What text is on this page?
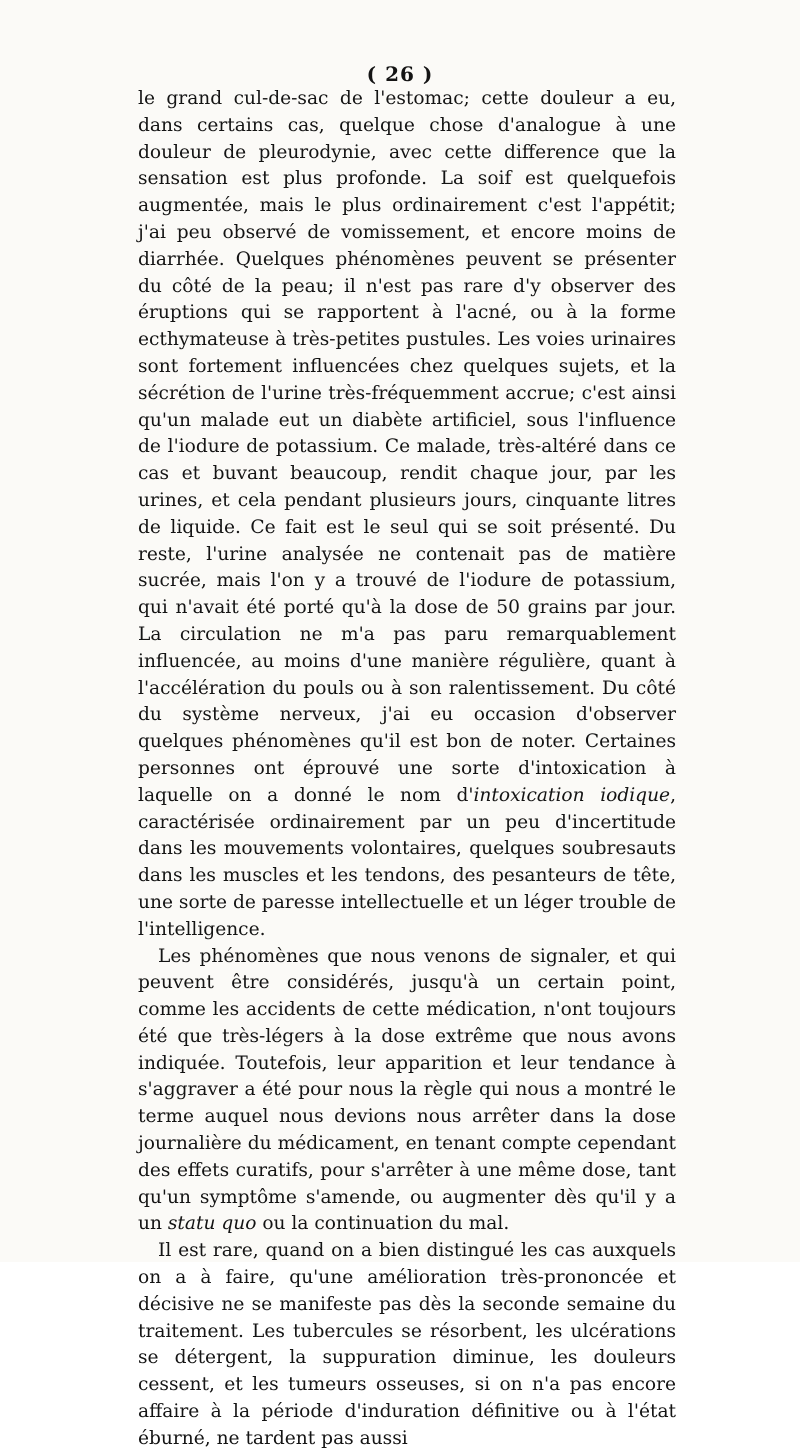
( 26 )

le grand cul-de-sac de l'estomac; cette douleur a eu, dans certains cas, quelque chose d'analogue à une douleur de pleurodynie, avec cette difference que la sensation est plus profonde. La soif est quelquefois augmentée, mais le plus ordinairement c'est l'appétit; j'ai peu observé de vomissement, et encore moins de diarrhée. Quelques phénomènes peuvent se présenter du côté de la peau; il n'est pas rare d'y observer des éruptions qui se rapportent à l'acné, ou à la forme ecthymateuse à très-petites pustules. Les voies urinaires sont fortement influencées chez quelques sujets, et la sécrétion de l'urine très-fréquemment accrue; c'est ainsi qu'un malade eut un diabète artificiel, sous l'influence de l'iodure de potassium. Ce malade, très-altéré dans ce cas et buvant beaucoup, rendit chaque jour, par les urines, et cela pendant plusieurs jours, cinquante litres de liquide. Ce fait est le seul qui se soit présenté. Du reste, l'urine analysée ne contenait pas de matière sucrée, mais l'on y a trouvé de l'iodure de potassium, qui n'avait été porté qu'à la dose de 50 grains par jour. La circulation ne m'a pas paru remarquablement influencée, au moins d'une manière régulière, quant à l'accélération du pouls ou à son ralentissement. Du côté du système nerveux, j'ai eu occasion d'observer quelques phénomènes qu'il est bon de noter. Certaines personnes ont éprouvé une sorte d'intoxication à laquelle on a donné le nom d'intoxication iodique, caractérisée ordinairement par un peu d'incertitude dans les mouvements volontaires, quelques soubresauts dans les muscles et les tendons, des pesanteurs de tête, une sorte de paresse intellectuelle et un léger trouble de l'intelligence.

Les phénomènes que nous venons de signaler, et qui peuvent être considérés, jusqu'à un certain point, comme les accidents de cette médication, n'ont toujours été que très-légers à la dose extrême que nous avons indiquée. Toutefois, leur apparition et leur tendance à s'aggraver a été pour nous la règle qui nous a montré le terme auquel nous devions nous arrêter dans la dose journalière du médicament, en tenant compte cependant des effets curatifs, pour s'arrêter à une même dose, tant qu'un symptôme s'amende, ou augmenter dès qu'il y a un statu quo ou la continuation du mal.

Il est rare, quand on a bien distingué les cas auxquels on a à faire, qu'une amélioration très-prononcée et décisive ne se manifeste pas dès la seconde semaine du traitement. Les tubercules se résorbent, les ulcérations se détergent, la suppuration diminue, les douleurs cessent, et les tumeurs osseuses, si on n'a pas encore affaire à la période d'induration définitive ou à l'état éburné, ne tardent pas aussi
